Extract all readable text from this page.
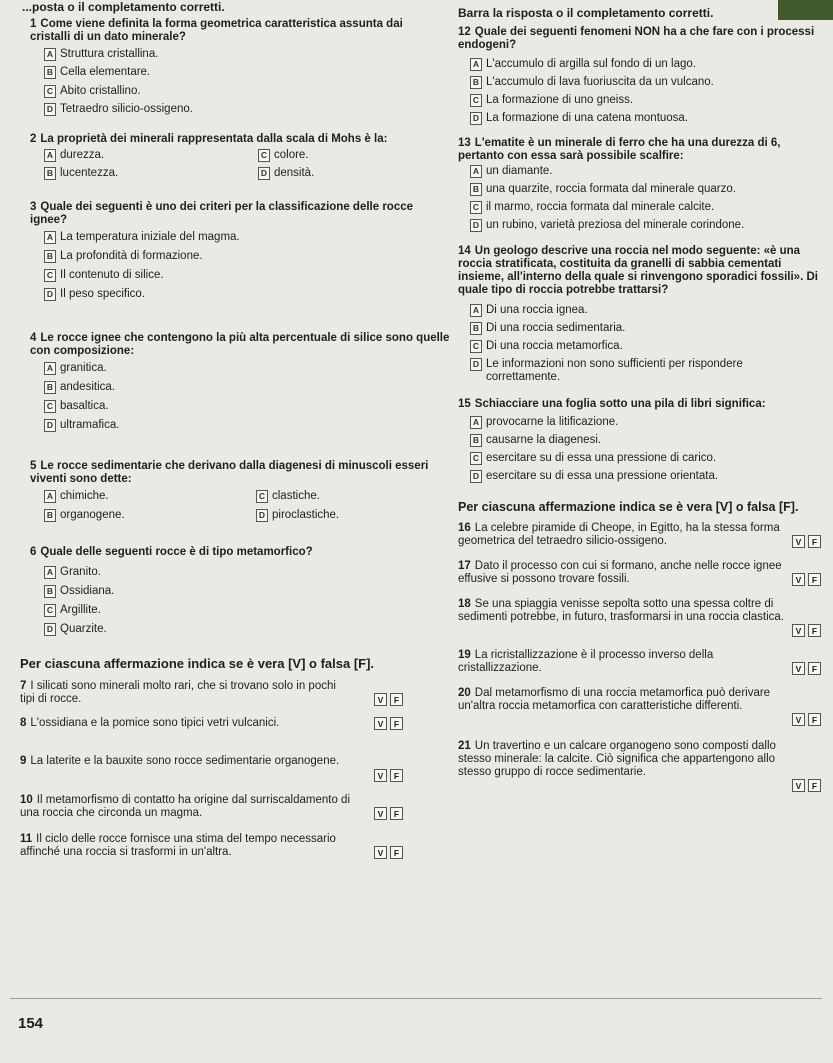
...posta o il completamento corretti.	Barra la risposta o il completamento corretti.
1 Come viene definita la forma geometrica caratteristica assunta dai cristalli di un dato minerale?
A Struttura cristallina.
B Cella elementare.
C Abito cristallino.
D Tetraedro silicio-ossigeno.
2 La proprietà dei minerali rappresentata dalla scala di Mohs è la:
A durezza.
B lucentezza.
C colore.
D densità.
3 Quale dei seguenti è uno dei criteri per la classificazione delle rocce ignee?
A La temperatura iniziale del magma.
B La profondità di formazione.
C Il contenuto di silice.
D Il peso specifico.
4 Le rocce ignee che contengono la più alta percentuale di silice sono quelle con composizione:
A granitica.
B andesitica.
C basaltica.
D ultramafica.
5 Le rocce sedimentarie che derivano dalla diagenesi di minuscoli esseri viventi sono dette:
A chimiche.
B organogene.
C clastiche.
D piroclastiche.
6 Quale delle seguenti rocce è di tipo metamorfico?
A Granito.
B Ossidiana.
C Argillite.
D Quarzite.
Per ciascuna affermazione indica se è vera [V] o falsa [F].
7 I silicati sono minerali molto rari, che si trovano solo in pochi tipi di rocce.	V	F
8 L'ossidiana e la pomice sono tipici vetri vulcanici.	V	F
9 La laterite e la bauxite sono rocce sedimentarie organogene.
V	F
10 Il metamorfismo di contatto ha origine dal surriscaldamento di una roccia che circonda un magma.	V	F
11 Il ciclo delle rocce fornisce una stima del tempo necessario affinché una roccia si trasformi in un'altra.	V	F
12 Quale dei seguenti fenomeni NON ha a che fare con i processi endogeni?
A L'accumulo di argilla sul fondo di un lago.
B L'accumulo di lava fuoriuscita da un vulcano.
C La formazione di uno gneiss.
D La formazione di una catena montuosa.
13 L'ematite è un minerale di ferro che ha una durezza di 6, pertanto con essa sarà possibile scalfire:
A un diamante.
B una quarzite, roccia formata dal minerale quarzo.
C il marmo, roccia formata dal minerale calcite.
D un rubino, varietà preziosa del minerale corindone.
14 Un geologo descrive una roccia nel modo seguente: «è una roccia stratificata, costituita da granelli di sabbia cementati insieme, all'interno della quale si rinvengono sporadici fossili». Di quale tipo di roccia potrebbe trattarsi?
A Di una roccia ignea.
B Di una roccia sedimentaria.
C Di una roccia metamorfica.
D Le informazioni non sono sufficienti per rispondere correttamente.
15 Schiacciare una foglia sotto una pila di libri significa:
A provocarne la litificazione.
B causarne la diagenesi.
C esercitare su di essa una pressione di carico.
D esercitare su di essa una pressione orientata.
Per ciascuna affermazione indica se è vera [V] o falsa [F].
16 La celebre piramide di Cheope, in Egitto, ha la stessa forma geometrica del tetraedro silicio-ossigeno.	V	F
17 Dato il processo con cui si formano, anche nelle rocce ignee effusive si possono trovare fossili.	V	F
18 Se una spiaggia venisse sepolta sotto una spessa coltre di sedimenti potrebbe, in futuro, trasformarsi in una roccia clastica.
V	F
19 La ricristallizzazione è il processo inverso della cristallizzazione.	V	F
20 Dal metamorfismo di una roccia metamorfica può derivare un'altra roccia metamorfica con caratteristiche differenti.
V	F
21 Un travertino e un calcare organogeno sono composti dallo stesso minerale: la calcite. Ciò significa che appartengono allo stesso gruppo di rocce sedimentarie.
V	F
154
